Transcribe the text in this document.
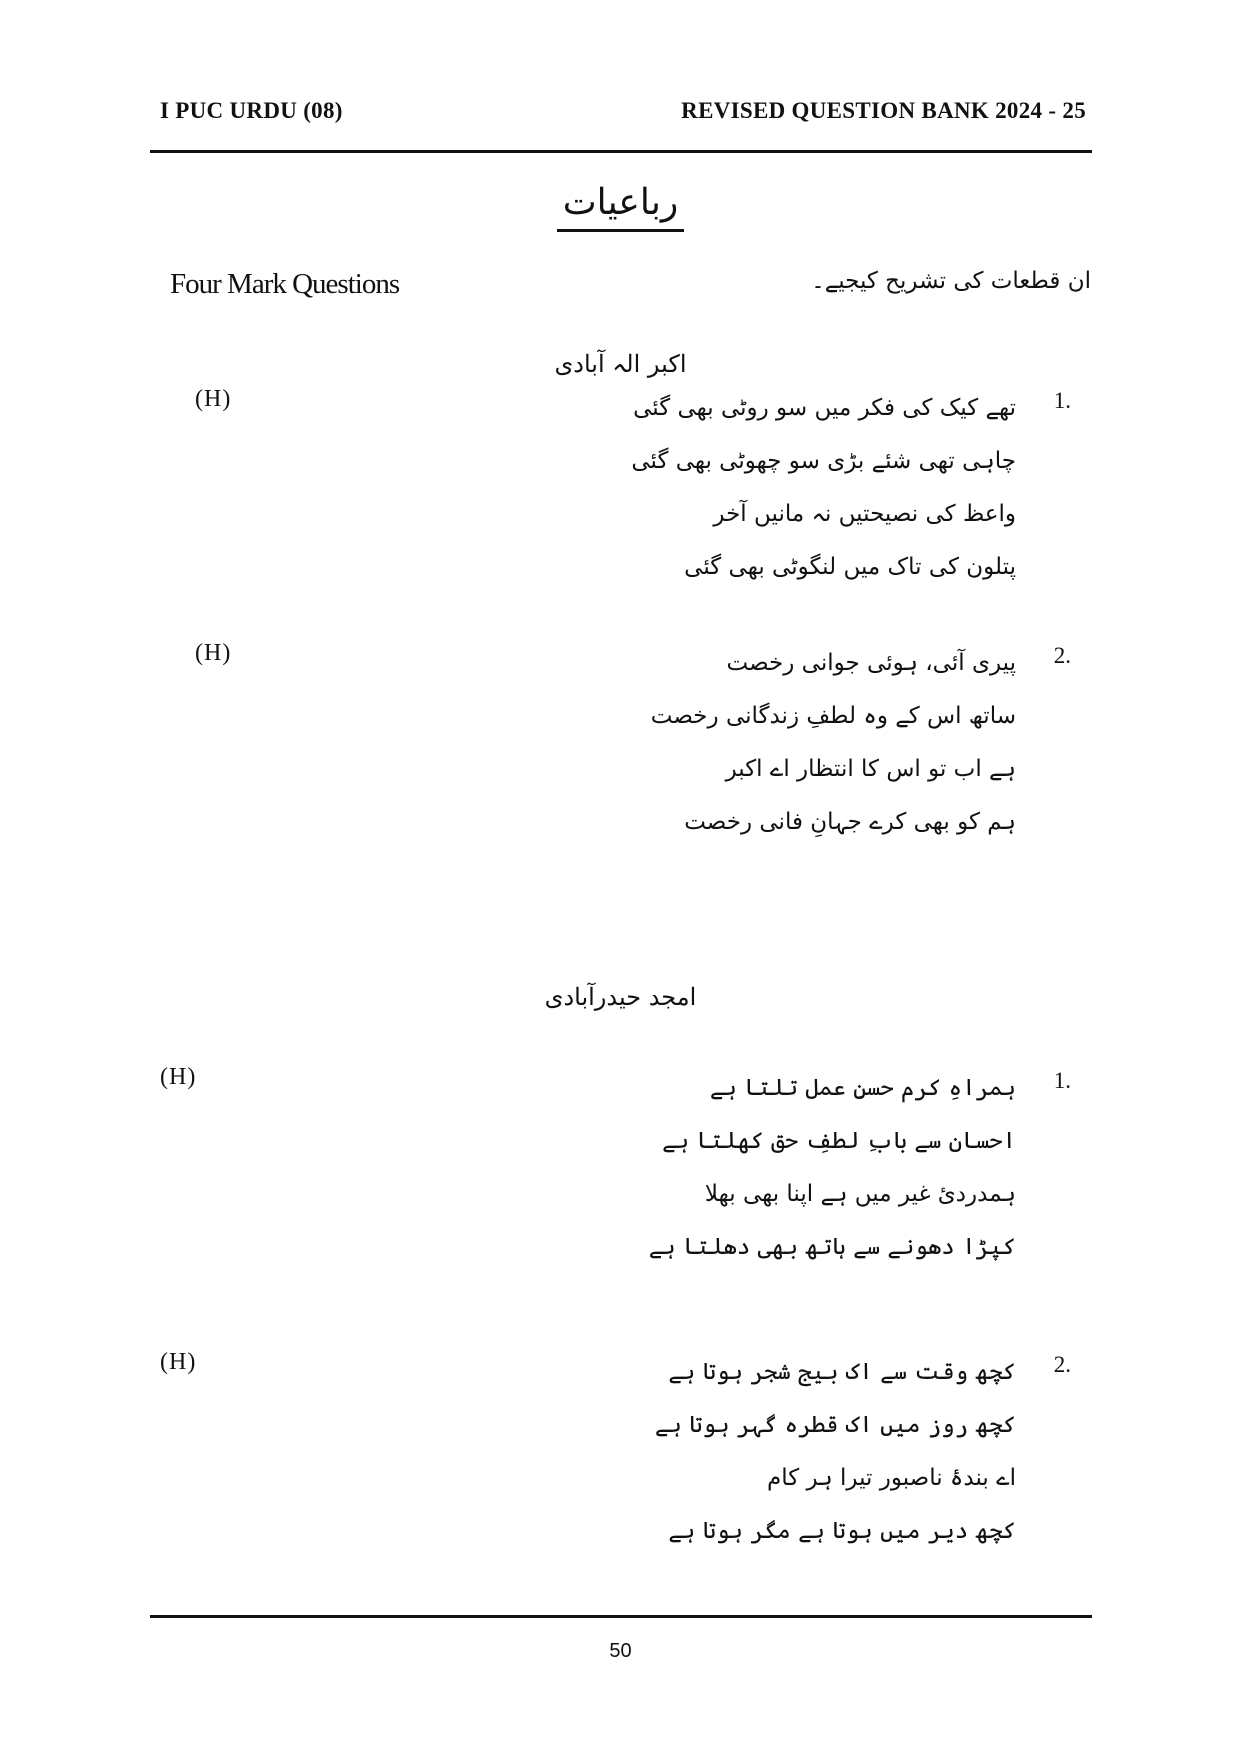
I PUC URDU (08)	REVISED QUESTION BANK 2024 - 25
رباعیات
Four Mark Questions	ان قطعات کی تشریح کیجیے۔
اکبر الہ آبادی
1.
تھے کیک کی فکر میں سو روٹی بھی گئی
چاہی تھی شئے بڑی سو چھوٹی بھی گئی
واعظ کی نصیحتیں نہ مانیں آخر
پتلون کی تاک میں لنگوٹی بھی گئی
(H)
2.
پیری آئی، ہوئی جوانی رخصت
ساتھ اس کے وہ لطفِ زندگانی رخصت
ہے اب تو اس کا انتظار اے اکبر
ہم کو بھی کرے جہانِ فانی رخصت
(H)
امجد حیدرآبادی
1.
ہمراہِ کرم حسنِ عمل تلتا ہے
احسان سے بابِ لطفِ حق کھلتا ہے
ہمدردیٔ غیر میں ہے اپنا بھی بھلا
کپڑا دھونے سے ہاتھ بھی دھلتا ہے
(H)
2.
کچھ وقت سے اک بیج شجر ہوتا ہے
کچھ روز میں اک قطرہ گہر ہوتا ہے
اے بندۂ ناصبور تیرا ہر کام
کچھ دیر میں ہوتا ہے مگر ہوتا ہے
(H)
50
